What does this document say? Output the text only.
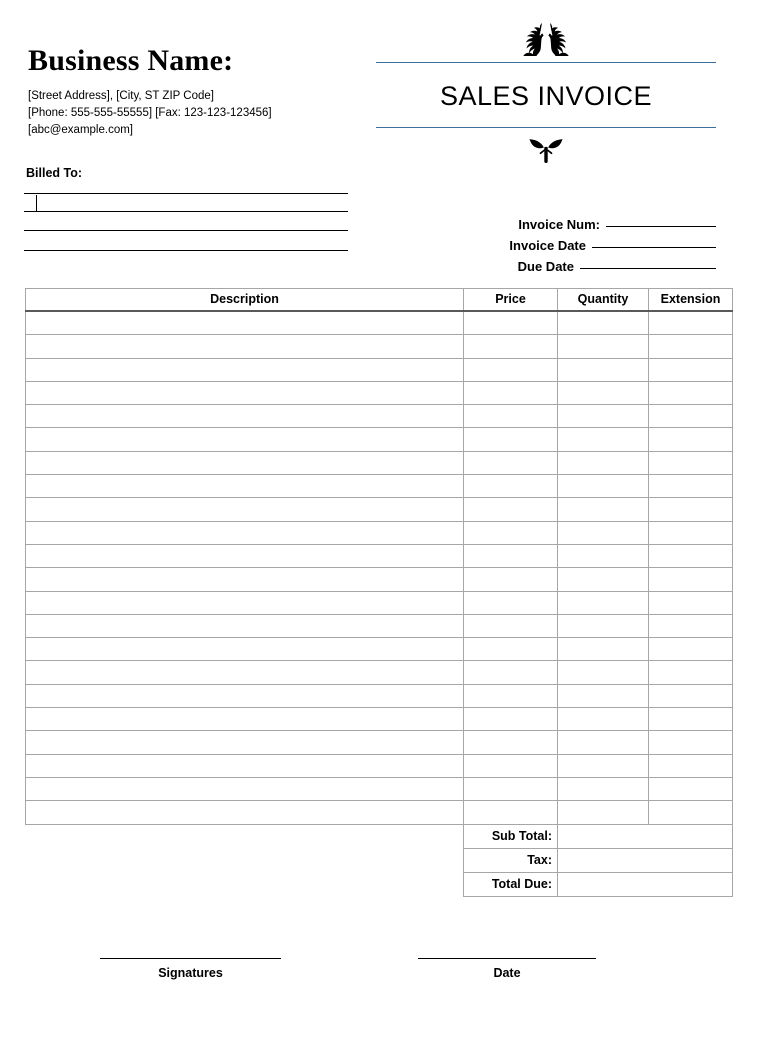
Business Name:
[Street Address], [City, ST ZIP Code]
[Phone: 555-555-55555] [Fax: 123-123-123456]
[abc@example.com]
SALES INVOICE
Billed To:
Invoice Num:
Invoice Date
Due Date
Description	Price	Quantity	Extension

	Sub Total:		
	Tax:		
	Total Due:		
Signatures	Date
